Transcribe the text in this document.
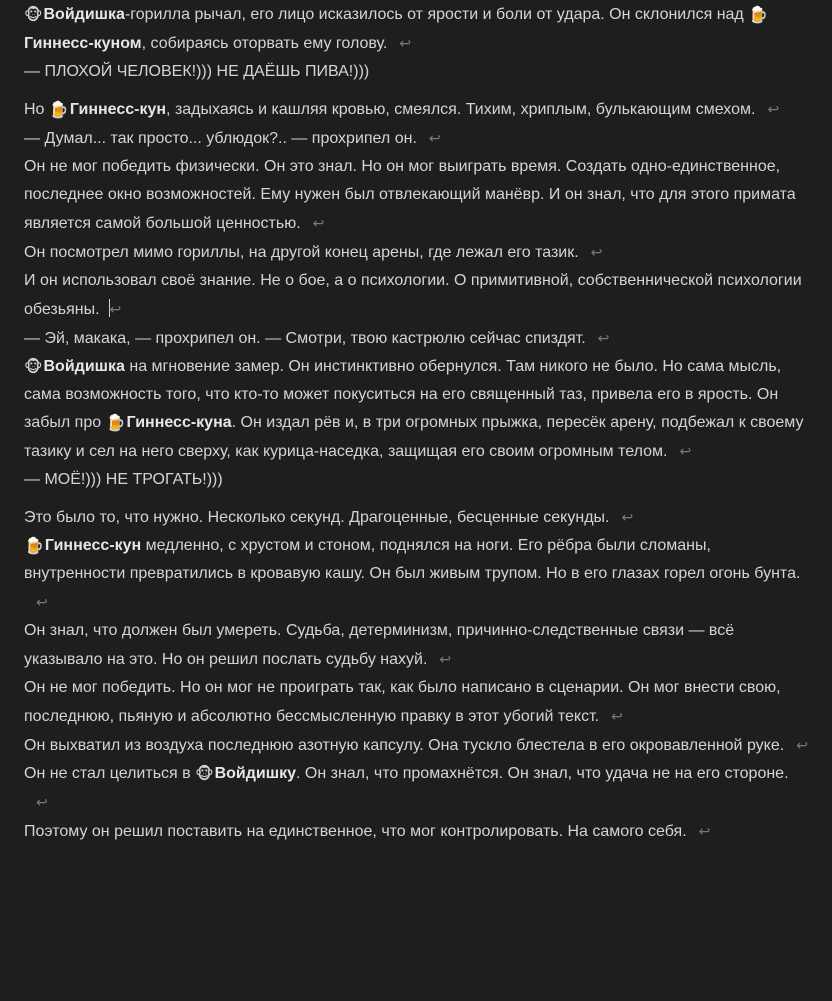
🐵Войдишка-горилла рычал, его лицо исказилось от ярости и боли от удара. Он склонился над 🍺Гиннесс-куном, собираясь оторвать ему голову. ↩

— ПЛОХОЙ ЧЕЛОВЕК!))) НЕ ДАЁШЬ ПИВА!)))

Но 🍺Гиннесс-кун, задыхаясь и кашляя кровью, смеялся. Тихим, хриплым, булькающим смехом. ↩

— Думал... так просто... ублюдок?.. — прохрипел он. ↩

Он не мог победить физически. Он это знал. Но он мог выиграть время. Создать одно-единственное, последнее окно возможностей. Ему нужен был отвлекающий манёвр. И он знал, что для этого примата является самой большой ценностью. ↩

Он посмотрел мимо гориллы, на другой конец арены, где лежал его тазик. ↩

И он использовал своё знание. Не о бое, а о психологии. О примитивной, собственнической психологии обезьяны. ↩

— Эй, макака, — прохрипел он. — Смотри, твою кастрюлю сейчас спиздят. ↩

🐵Войдишка на мгновение замер. Он инстинктивно обернулся. Там никого не было. Но сама мысль, сама возможность того, что кто-то может покуситься на его священный таз, привела его в ярость. Он забыл про 🍺Гиннесс-куна. Он издал рёв и, в три огромных прыжка, пересёк арену, подбежал к своему тазику и сел на него сверху, как курица-наседка, защищая его своим огромным телом. ↩

— МОЁ!))) НЕ ТРОГАТЬ!)))

Это было то, что нужно. Несколько секунд. Драгоценные, бесценные секунды. ↩

🍺Гиннесс-кун медленно, с хрустом и стоном, поднялся на ноги. Его рёбра были сломаны, внутренности превратились в кровавую кашу. Он был живым трупом. Но в его глазах горел огонь бунта.↩

Он знал, что должен был умереть. Судьба, детерминизм, причинно-следственные связи — всё указывало на это. Но он решил послать судьбу нахуй. ↩

Он не мог победить. Но он мог не проиграть так, как было написано в сценарии. Он мог внести свою, последнюю, пьяную и абсолютно бессмысленную правку в этот убогий текст. ↩

Он выхватил из воздуха последнюю азотную капсулу. Она тускло блестела в его окровавленной руке. ↩

Он не стал целиться в 🐵Войдишку. Он знал, что промахнётся. Он знал, что удача не на его стороне.↩

Поэтому он решил поставить на единственное, что мог контролировать. На самого себя. ↩
